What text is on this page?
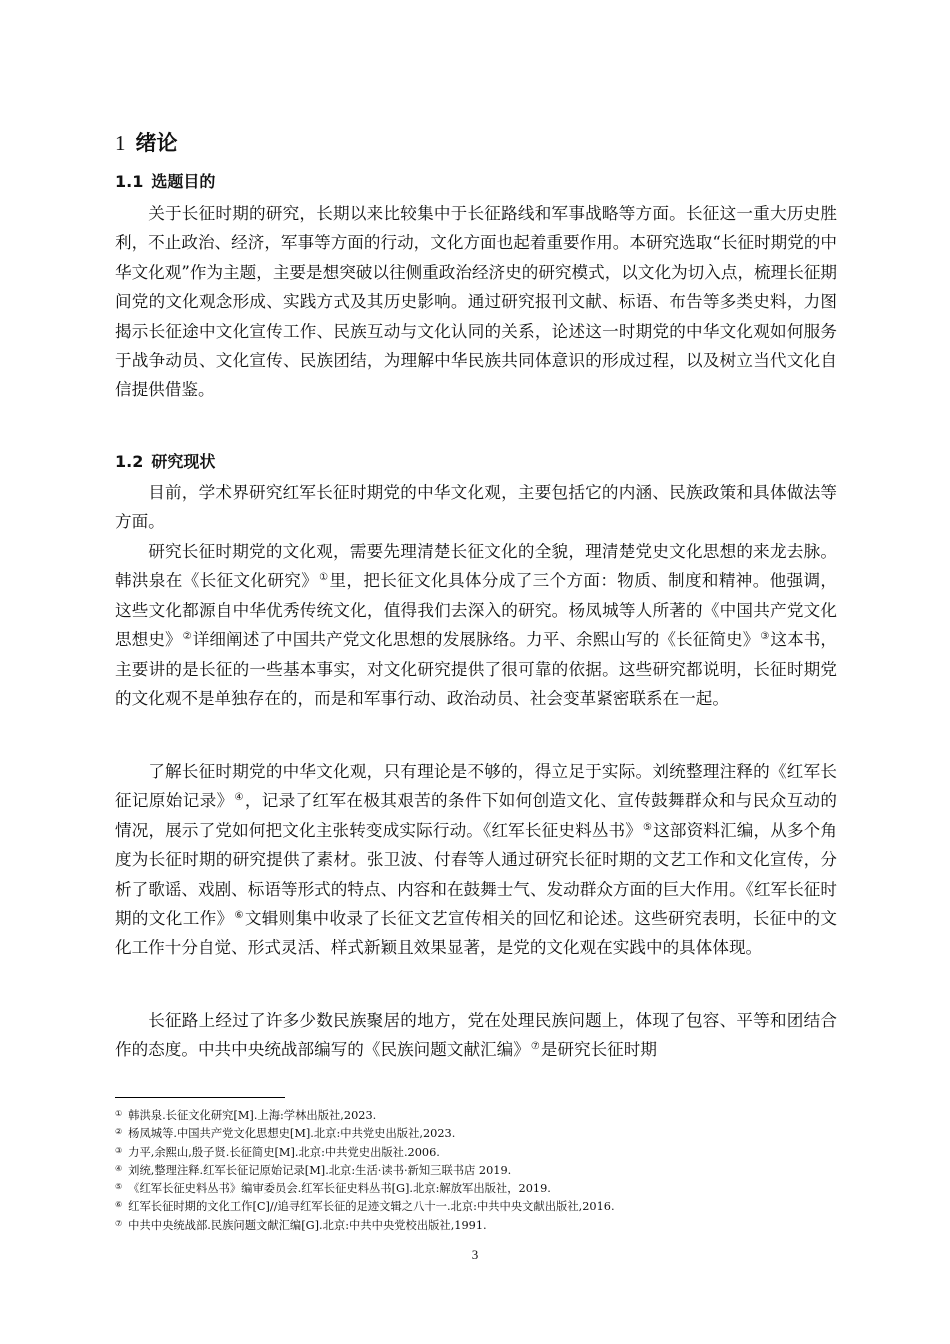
1 绪论
1.1 选题目的

关于长征时期的研究，长期以来比较集中于长征路线和军事战略等方面。长征这一重大历史胜利，不止政治、经济，军事等方面的行动，文化方面也起着重要作用。本研究选取“长征时期党的中华文化观”作为主题，主要是想突破以往侧重政治经济史的研究模式，以文化为切入点，梳理长征期间党的文化观念形成、实践方式及其历史影响。通过研究报刊文献、标语、布告等多类史料，力图揭示长征途中文化宣传工作、民族互动与文化认同的关系，论述这一时期党的中华文化观如何服务于战争动员、文化宣传、民族团结，为理解中华民族共同体意识的形成过程，以及树立当代文化自信提供借鉴。

1.2 研究现状

目前，学术界研究红军长征时期党的中华文化观，主要包括它的内涵、民族政策和具体做法等方面。

研究长征时期党的文化观，需要先理清楚长征文化的全貌，理清楚党史文化思想的来龙去脉。韩洪泉在《长征文化研究》①里，把长征文化具体分成了三个方面：物质、制度和精神。他强调，这些文化都源自中华优秀传统文化，值得我们去深入的研究。杨凤城等人所著的《中国共产党文化思想史》②详细阐述了中国共产党文化思想的发展脉络。力平、余熙山写的《长征简史》③这本书，主要讲的是长征的一些基本事实，对文化研究提供了很可靠的依据。这些研究都说明，长征时期党的文化观不是单独存在的，而是和军事行动、政治动员、社会变革紧密联系在一起。

了解长征时期党的中华文化观，只有理论是不够的，得立足于实际。刘统整理注释的《红军长征记原始记录》④，记录了红军在极其艰苦的条件下如何创造文化、宣传鼓舞群众和与民众互动的情况，展示了党如何把文化主张转变成实际行动。《红军长征史料丛书》⑤这部资料汇编，从多个角度为长征时期的研究提供了素材。张卫波、付春等人通过研究长征时期的文艺工作和文化宣传，分析了歌谣、戏剧、标语等形式的特点、内容和在鼓舞士气、发动群众方面的巨大作用。《红军长征时期的文化工作》⑥文辑则集中收录了长征文艺宣传相关的回忆和论述。这些研究表明，长征中的文化工作十分自觉、形式灵活、样式新颖且效果显著，是党的文化观在实践中的具体体现。

长征路上经过了许多少数民族聚居的地方，党在处理民族问题上，体现了包容、平等和团结合作的态度。中共中央统战部编写的《民族问题文献汇编》⑦是研究长征时期

① 韩洪泉.长征文化研究[M].上海:学林出版社,2023.
② 杨凤城等.中国共产党文化思想史[M].北京:中共党史出版社,2023.
③ 力平,余熙山,殷子贤.长征简史[M].北京:中共党史出版社.2006.
④ 刘统,整理注释.红军长征记原始记录[M].北京:生活·读书·新知三联书店 2019.
⑤ 《红军长征史料丛书》编审委员会.红军长征史料丛书[G].北京:解放军出版社，2019.
⑥ 红军长征时期的文化工作[C]//追寻红军长征的足迹文辑之八十一.北京:中共中央文献出版社,2016.
⑦ 中共中央统战部.民族问题文献汇编[G].北京:中共中央党校出版社,1991.
3
